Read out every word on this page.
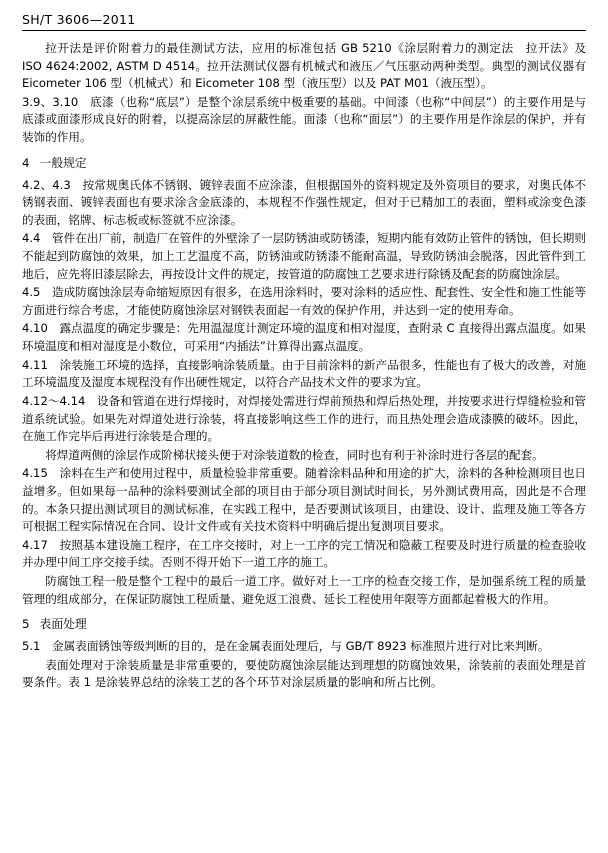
SH/T 3606—2011

拉开法是评价附着力的最佳测试方法，应用的标准包括 GB 5210《涂层附着力的测定法　拉开法》及 ISO 4624:2002, ASTM D 4514。拉开法测试仪器有机械式和液压／气压驱动两种类型。典型的测试仪器有 Eicometer 106 型（机械式）和 Eicometer 108 型（液压型）以及 PAT M01（液压型）。

3.9、3.10　底漆（也称“底层”）是整个涂层系统中极重要的基础。中间漆（也称“中间层”）的主要作用是与底漆或面漆形成良好的附着，以提高涂层的屏蔽性能。面漆（也称“面层”）的主要作用是作涂层的保护，并有装饰的作用。

4 一般规定

4.2、4.3　按常规奥氏体不锈钢、镀锌表面不应涂漆，但根据国外的资料规定及外资项目的要求，对奥氏体不锈钢表面、镀锌表面也有要求涂含金底漆的，本规程不作强性规定，但对于已精加工的表面，塑料或涂变色漆的表面，铭牌、标志板或标签就不应涂漆。

4.4　管件在出厂前，制造厂在管件的外壁涂了一层防锈油或防锈漆，短期内能有效防止管件的锈蚀，但长期则不能起到防腐蚀的效果，加上工艺温度不高，防锈油或防锈漆不能耐高温，导致防锈油会脱落，因此管件到工地后，应先将旧漆层除去，再按设计文件的规定，按管道的防腐蚀工艺要求进行除锈及配套的防腐蚀涂层。

4.5　造成防腐蚀涂层寿命缩短原因有很多，在选用涂料时，要对涂料的适应性、配套性、安全性和施工性能等方面进行综合考虑，才能使防腐蚀涂层对钢铁表面起一有效的保护作用，并达到一定的使用寿命。

4.10　露点温度的确定步骤是：先用温湿度计测定环境的温度和相对湿度，查附录 C 直接得出露点温度。如果环境温度和相对湿度是小数位，可采用“内插法”计算得出露点温度。

4.11　涂装施工环境的选择，直接影响涂装质量。由于目前涂料的新产品很多，性能也有了极大的改善，对施工环境温度及湿度本规程没有作出硬性规定，以符合产品技术文件的要求为宜。

4.12～4.14　设备和管道在进行焊接时，对焊接处需进行焊前预热和焊后热处理，并按要求进行焊缝检验和管道系统试验。如果先对焊道处进行涂装，将直接影响这些工作的进行，而且热处理会造成漆膜的破坏。因此，在施工作完毕后再进行涂装是合理的。

将焊道两侧的涂层作成阶梯状接头便于对涂装道数的检查，同时也有利于补涂时进行各层的配套。

4.15　涂料在生产和使用过程中，质量检验非常重要。随着涂料品种和用途的扩大，涂料的各种检测项目也日益增多。但如果每一品种的涂料要测试全部的项目由于部分项目测试时间长，另外测试费用高，因此是不合理的。本条只提出测试项目的测试标准，在实践工程中，是否要测试该项目，由建设、设计、监理及施工等各方可根据工程实际情况在合同、设计文件或有关技术资料中明确后提出复测项目要求。

4.17　按照基本建设施工程序，在工序交接时，对上一工序的完工情况和隐蔽工程要及时进行质量的检查验收并办理中间工序交接手续。否则不得开始下一道工序的施工。

防腐蚀工程一般是整个工程中的最后一道工序。做好对上一工序的检查交接工作，是加强系统工程的质量管理的组成部分，在保证防腐蚀工程质量、避免返工浪费、延长工程使用年限等方面都起着极大的作用。

5 表面处理

5.1　金属表面锈蚀等级判断的目的，是在金属表面处理后，与 GB/T 8923 标准照片进行对比来判断。

表面处理对于涂装质量是非常重要的，要使防腐蚀涂层能达到理想的防腐蚀效果，涂装前的表面处理是首要条件。表 1 是涂装界总结的涂装工艺的各个环节对涂层质量的影响和所占比例。
